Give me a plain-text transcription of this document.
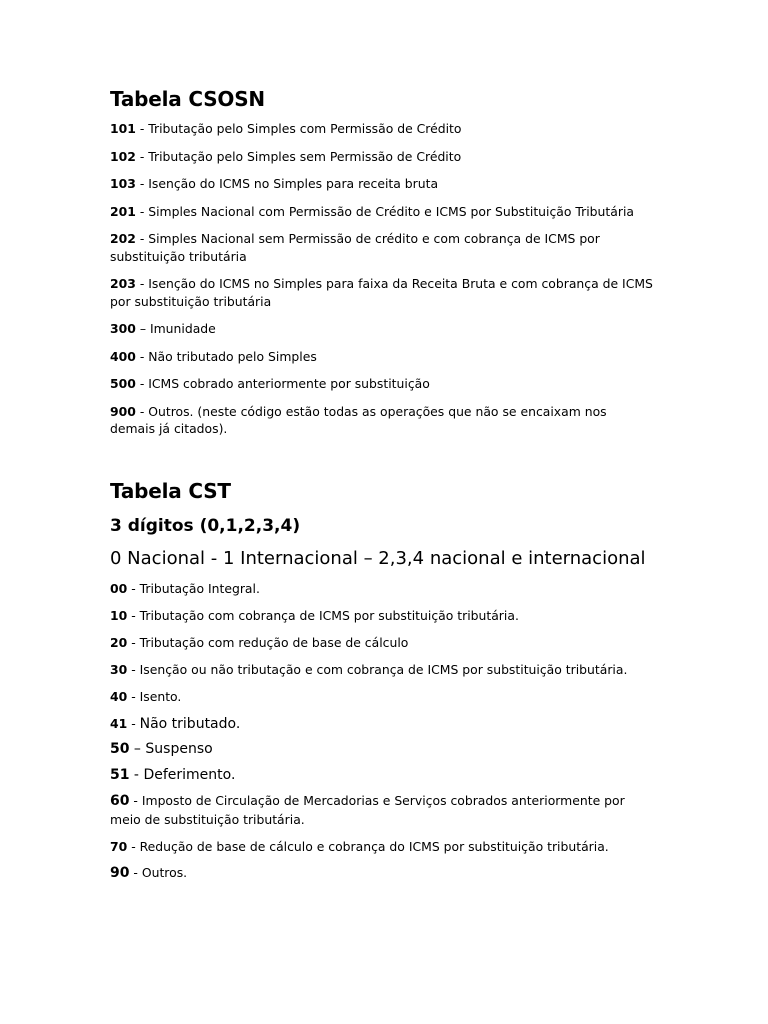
Tabela CSOSN

101 - Tributação pelo Simples com Permissão de Crédito

102 - Tributação pelo Simples sem Permissão de Crédito

103 - Isenção do ICMS no Simples para receita bruta

201 - Simples Nacional com Permissão de Crédito e ICMS por Substituição Tributária

202 - Simples Nacional sem Permissão de crédito e com cobrança de ICMS por substituição tributária

203 - Isenção do ICMS no Simples para faixa da Receita Bruta e com cobrança de ICMS por substituição tributária

300 – Imunidade

400 - Não tributado pelo Simples

500 - ICMS cobrado anteriormente por substituição

900 - Outros. (neste código estão todas as operações que não se encaixam nos demais já citados).

Tabela CST
3 dígitos (0,1,2,3,4)
0 Nacional - 1 Internacional – 2,3,4 nacional e internacional

00 - Tributação Integral.

10 - Tributação com cobrança de ICMS por substituição tributária.

20 - Tributação com redução de base de cálculo

30 - Isenção ou não tributação e com cobrança de ICMS por substituição tributária.

40 - Isento.

41 - Não tributado.

50 – Suspenso

51 - Deferimento.

60 - Imposto de Circulação de Mercadorias e Serviços cobrados anteriormente por meio de substituição tributária.

70 - Redução de base de cálculo e cobrança do ICMS por substituição tributária.

90 - Outros.
